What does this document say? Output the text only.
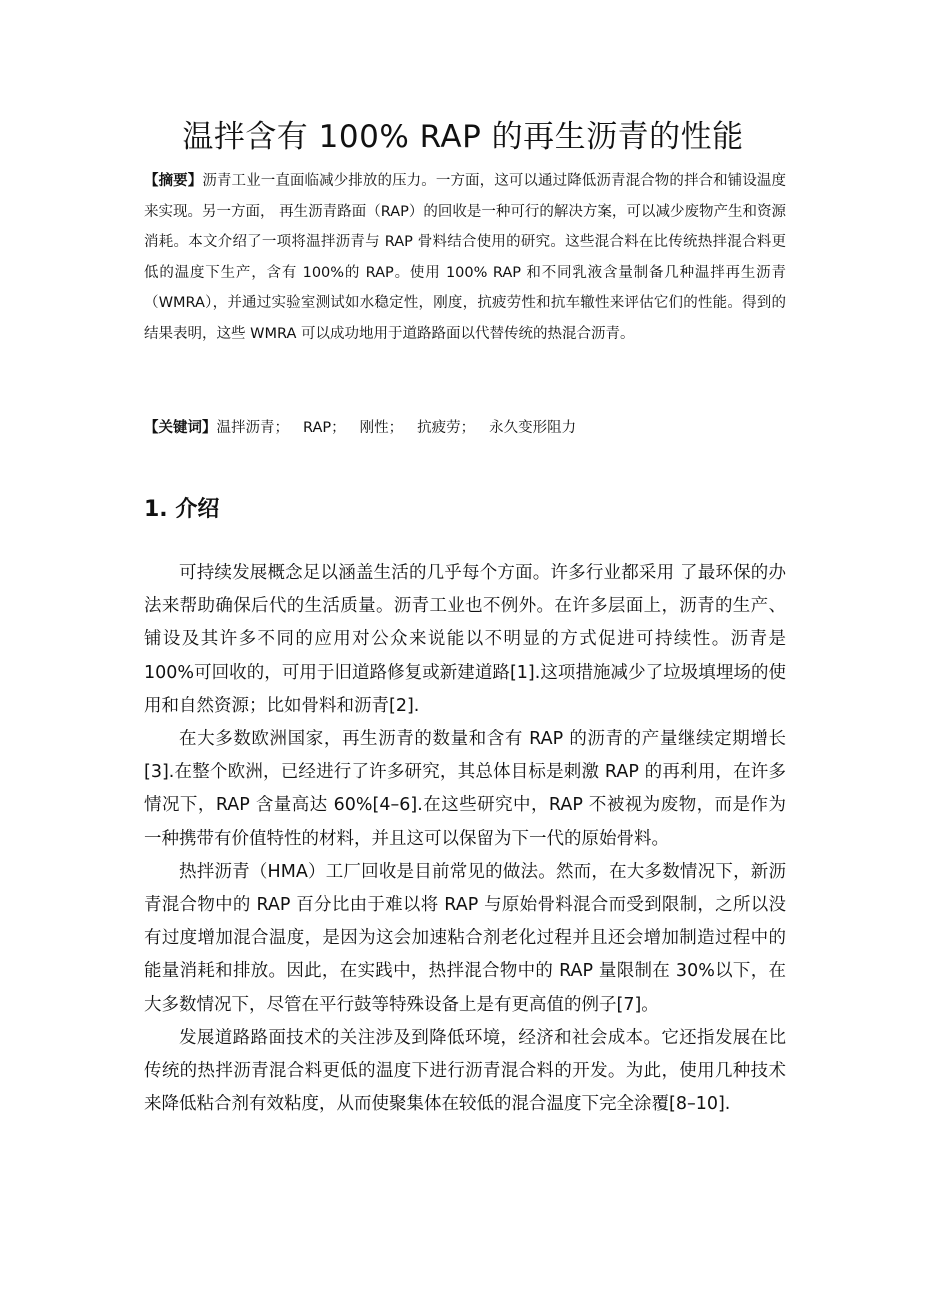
温拌含有 100% RAP 的再生沥青的性能

【摘要】沥青工业一直面临减少排放的压力。一方面，这可以通过降低沥青混合物的拌合和铺设温度来实现。另一方面， 再生沥青路面（RAP）的回收是一种可行的解决方案，可以减少废物产生和资源消耗。本文介绍了一项将温拌沥青与 RAP 骨料结合使用的研究。这些混合料在比传统热拌混合料更低的温度下生产，含有 100%的 RAP。使用 100% RAP 和不同乳液含量制备几种温拌再生沥青（WMRA），并通过实验室测试如水稳定性，刚度，抗疲劳性和抗车辙性来评估它们的性能。得到的结果表明，这些 WMRA 可以成功地用于道路路面以代替传统的热混合沥青。

【关键词】温拌沥青； RAP； 刚性； 抗疲劳； 永久变形阻力
1. 介绍

可持续发展概念足以涵盖生活的几乎每个方面。许多行业都采用 了最环保的办法来帮助确保后代的生活质量。沥青工业也不例外。在许多层面上，沥青的生产、铺设及其许多不同的应用对公众来说能以不明显的方式促进可持续性。沥青是 100%可回收的，可用于旧道路修复或新建道路[1].这项措施减少了垃圾填埋场的使用和自然资源；比如骨料和沥青[2].

在大多数欧洲国家，再生沥青的数量和含有 RAP 的沥青的产量继续定期增长[3].在整个欧洲，已经进行了许多研究，其总体目标是刺激 RAP 的再利用，在许多情况下，RAP 含量高达 60%[4–6].在这些研究中，RAP 不被视为废物，而是作为一种携带有价值特性的材料，并且这可以保留为下一代的原始骨料。

热拌沥青（HMA）工厂回收是目前常见的做法。然而，在大多数情况下，新沥青混合物中的 RAP 百分比由于难以将 RAP 与原始骨料混合而受到限制，之所以没有过度增加混合温度，是因为这会加速粘合剂老化过程并且还会增加制造过程中的能量消耗和排放。因此，在实践中，热拌混合物中的 RAP 量限制在 30%以下，在大多数情况下，尽管在平行鼓等特殊设备上是有更高值的例子[7]。

发展道路路面技术的关注涉及到降低环境，经济和社会成本。它还指发展在比传统的热拌沥青混合料更低的温度下进行沥青混合料的开发。为此，使用几种技术来降低粘合剂有效粘度，从而使聚集体在较低的混合温度下完全涂覆[8–10].
